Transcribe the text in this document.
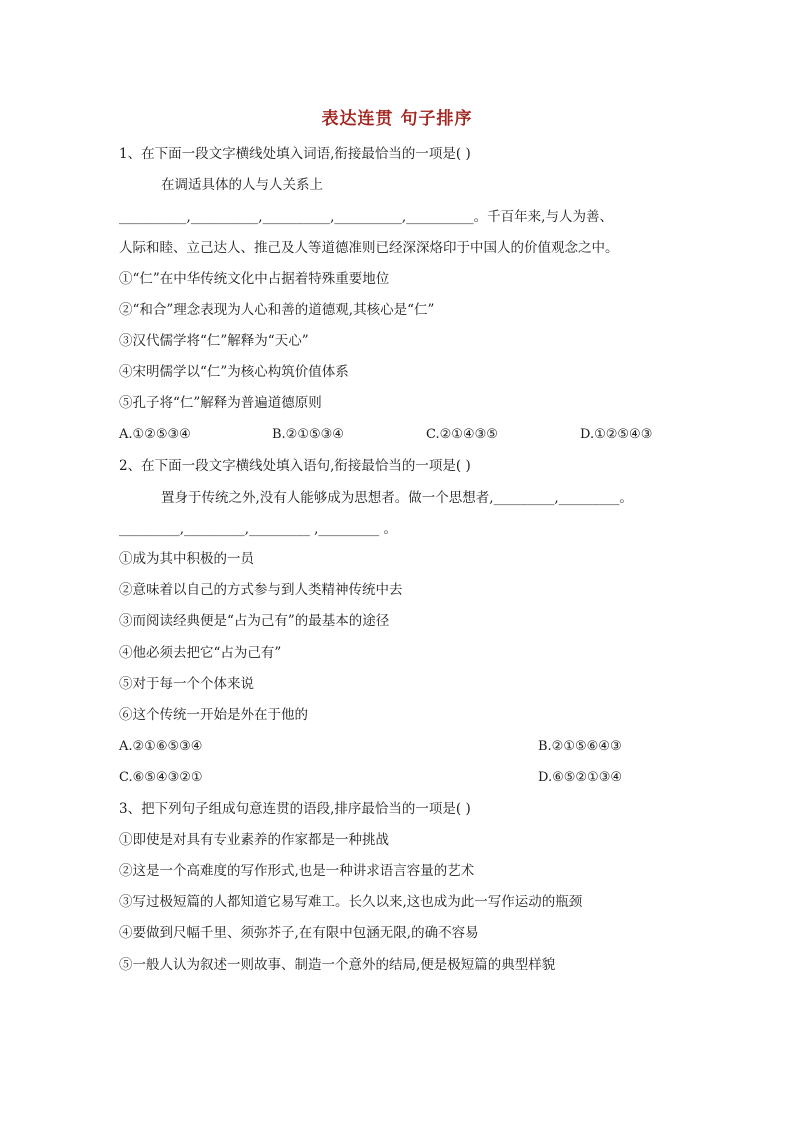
表达连贯 句子排序
1、在下面一段文字横线处填入词语,衔接最恰当的一项是( )
在调适具体的人与人关系上
__________,__________,__________,__________,__________。千百年来,与人为善、
人际和睦、立己达人、推己及人等道德准则已经深深烙印于中国人的价值观念之中。
①“仁”在中华传统文化中占据着特殊重要地位
②“和合”理念表现为人心和善的道德观,其核心是“仁”
③汉代儒学将“仁”解释为“天心”
④宋明儒学以“仁”为核心构筑价值体系
⑤孔子将“仁”解释为普遍道德原则
A.①②⑤③④	B.②①⑤③④	C.②①④③⑤	D.①②⑤④③
2、在下面一段文字横线处填入语句,衔接最恰当的一项是( )
置身于传统之外,没有人能够成为思想者。做一个思想者,_________,_________。
_________,_________,_________ ,_________ 。
①成为其中积极的一员
②意味着以自己的方式参与到人类精神传统中去
③而阅读经典便是“占为己有”的最基本的途径
④他必须去把它“占为己有”
⑤对于每一个个体来说
⑥这个传统一开始是外在于他的
A.②①⑥⑤③④	B.②①⑤⑥④③
C.⑥⑤④③②①	D.⑥⑤②①③④
3、把下列句子组成句意连贯的语段,排序最恰当的一项是( )
①即使是对具有专业素养的作家都是一种挑战
②这是一个高难度的写作形式,也是一种讲求语言容量的艺术
③写过极短篇的人都知道它易写难工。长久以来,这也成为此一写作运动的瓶颈
④要做到尺幅千里、须弥芥子,在有限中包涵无限,的确不容易
⑤一般人认为叙述一则故事、制造一个意外的结局,便是极短篇的典型样貌
